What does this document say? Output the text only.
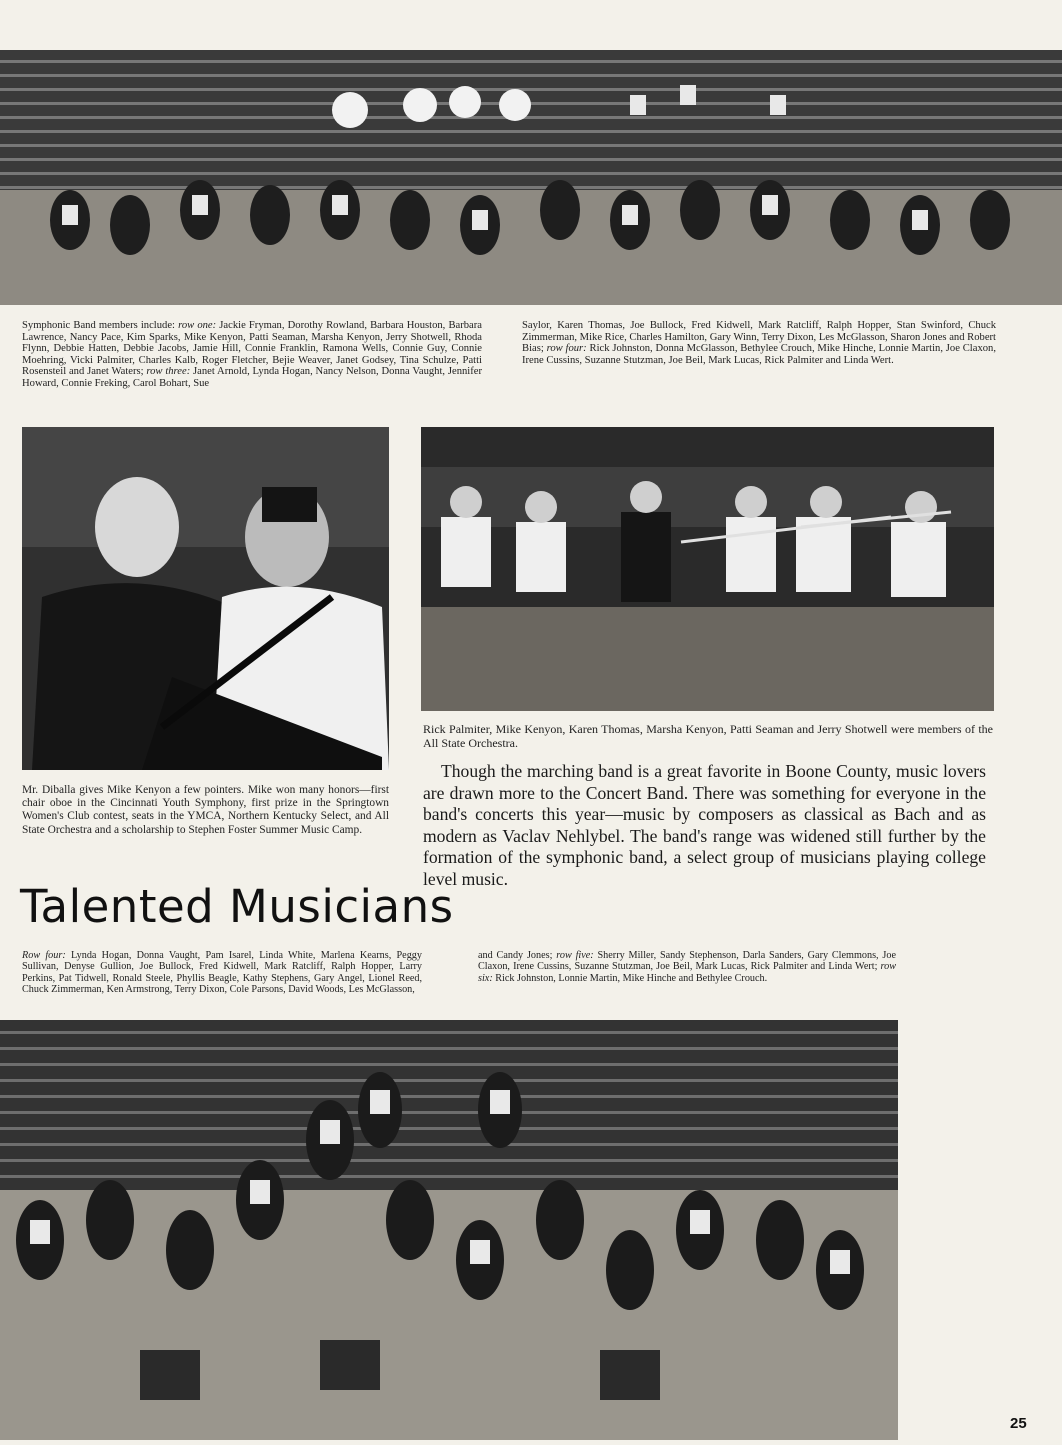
Symphonic Band members include: row one: Jackie Fryman, Dorothy Rowland, Barbara Houston, Barbara Lawrence, Nancy Pace, Kim Sparks, Mike Kenyon, Patti Seaman, Marsha Kenyon, Jerry Shotwell, Rhoda Flynn, Debbie Hatten, Debbie Jacobs, Jamie Hill, Connie Franklin, Ramona Wells, Connie Guy, Connie Moehring, Vicki Palmiter, Charles Kalb, Roger Fletcher, Bejie Weaver, Janet Godsey, Tina Schulze, Patti Rosensteil and Janet Waters; row three: Janet Arnold, Lynda Hogan, Nancy Nelson, Donna Vaught, Jennifer Howard, Connie Freking, Carol Bohart, Sue
Saylor, Karen Thomas, Joe Bullock, Fred Kidwell, Mark Ratcliff, Ralph Hopper, Stan Swinford, Chuck Zimmerman, Mike Rice, Charles Hamilton, Gary Winn, Terry Dixon, Les McGlasson, Sharon Jones and Robert Bias; row four: Rick Johnston, Donna McGlasson, Bethylee Crouch, Mike Hinche, Lonnie Martin, Joe Claxon, Irene Cussins, Suzanne Stutzman, Joe Beil, Mark Lucas, Rick Palmiter and Linda Wert.
Mr. Diballa gives Mike Kenyon a few pointers. Mike won many honors—first chair oboe in the Cincinnati Youth Symphony, first prize in the Springtown Women's Club contest, seats in the YMCA, Northern Kentucky Select, and All State Orchestra and a scholarship to Stephen Foster Summer Music Camp.
Rick Palmiter, Mike Kenyon, Karen Thomas, Marsha Kenyon, Patti Seaman and Jerry Shotwell were members of the All State Orchestra.
Though the marching band is a great favorite in Boone County, music lovers are drawn more to the Concert Band. There was something for everyone in the band's concerts this year—music by composers as classical as Bach and as modern as Vaclav Nehlybel. The band's range was widened still further by the formation of the symphonic band, a select group of musicians playing college level music.
Talented Musicians
Row four: Lynda Hogan, Donna Vaught, Pam Isarel, Linda White, Marlena Kearns, Peggy Sullivan, Denyse Gullion, Joe Bullock, Fred Kidwell, Mark Ratcliff, Ralph Hopper, Larry Perkins, Pat Tidwell, Ronald Steele, Phyllis Beagle, Kathy Stephens, Gary Angel, Lionel Reed, Chuck Zimmerman, Ken Armstrong, Terry Dixon, Cole Parsons, David Woods, Les McGlasson,
and Candy Jones; row five: Sherry Miller, Sandy Stephenson, Darla Sanders, Gary Clemmons, Joe Claxon, Irene Cussins, Suzanne Stutzman, Joe Beil, Mark Lucas, Rick Palmiter and Linda Wert; row six: Rick Johnston, Lonnie Martin, Mike Hinche and Bethylee Crouch.
25
